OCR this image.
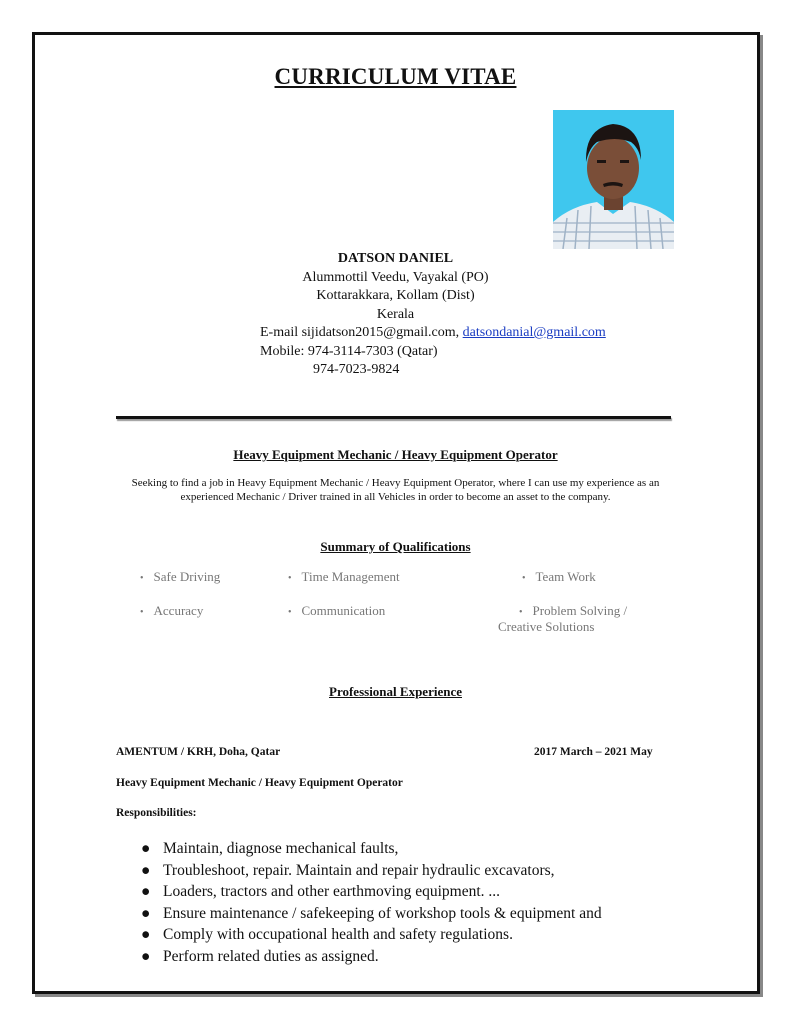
CURRICULUM VITAE
DATSON DANIEL
Alummottil Veedu, Vayakal (PO)
Kottarakkara, Kollam (Dist)
Kerala
E-mail sijidatson2015@gmail.com, datsondanial@gmail.com
Mobile: 974-3114-7303 (Qatar)
974-7023-9824
Heavy Equipment Mechanic / Heavy Equipment Operator
Seeking to find a job in Heavy Equipment Mechanic / Heavy Equipment Operator, where I can use my experience as an experienced Mechanic / Driver trained in all Vehicles in order to become an asset to the company.
Summary of Qualifications
• Safe Driving	• Time Management	• Team Work
• Accuracy	• Communication	• Problem Solving /
Creative Solutions
Professional Experience
AMENTUM / KRH, Doha, Qatar	2017 March – 2021 May
Heavy Equipment Mechanic / Heavy Equipment Operator
Responsibilities:
● Maintain, diagnose mechanical faults,
● Troubleshoot, repair. Maintain and repair hydraulic excavators,
● Loaders, tractors and other earthmoving equipment. ...
● Ensure maintenance / safekeeping of workshop tools & equipment and
● Comply with occupational health and safety regulations.
● Perform related duties as assigned.
